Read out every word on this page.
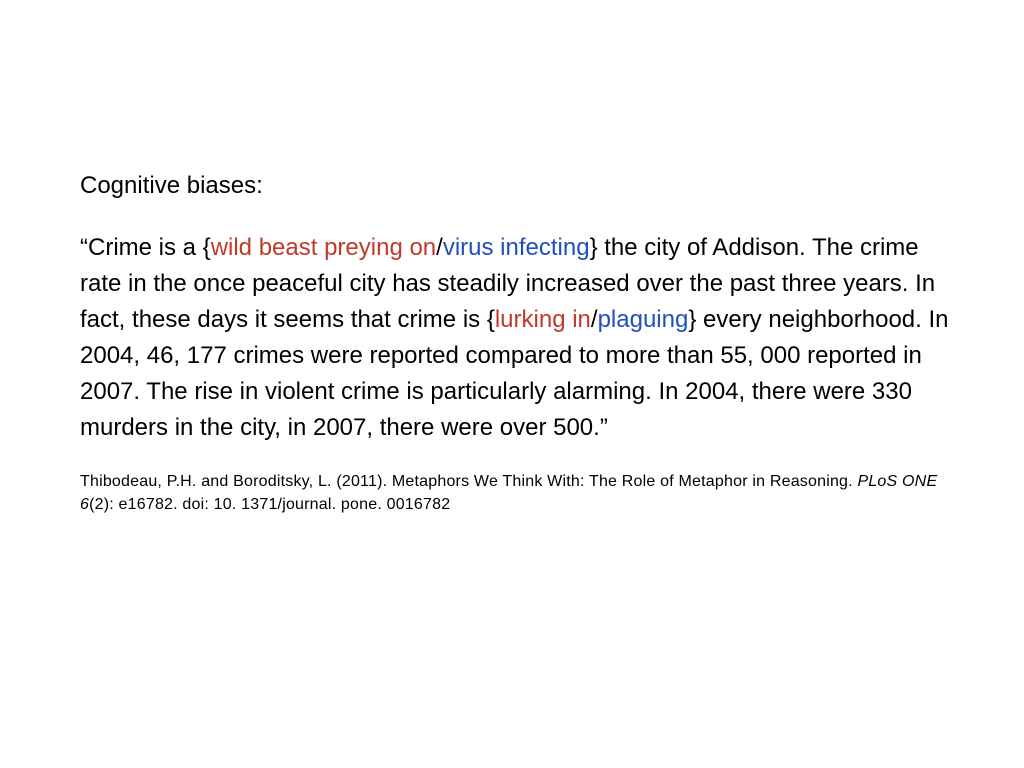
Cognitive biases:

“Crime is a {wild beast preying on/virus infecting} the city of Addison. The crime rate in the once peaceful city has steadily increased over the past three years. In fact, these days it seems that crime is {lurking in/plaguing} every neighborhood. In 2004, 46, 177 crimes were reported compared to more than 55, 000 reported in 2007. The rise in violent crime is particularly alarming. In 2004, there were 330 murders in the city, in 2007, there were over 500.”

Thibodeau, P.H. and Boroditsky, L. (2011). Metaphors We Think With: The Role of Metaphor in Reasoning. PLoS ONE 6(2): e16782. doi: 10. 1371/journal. pone. 0016782
